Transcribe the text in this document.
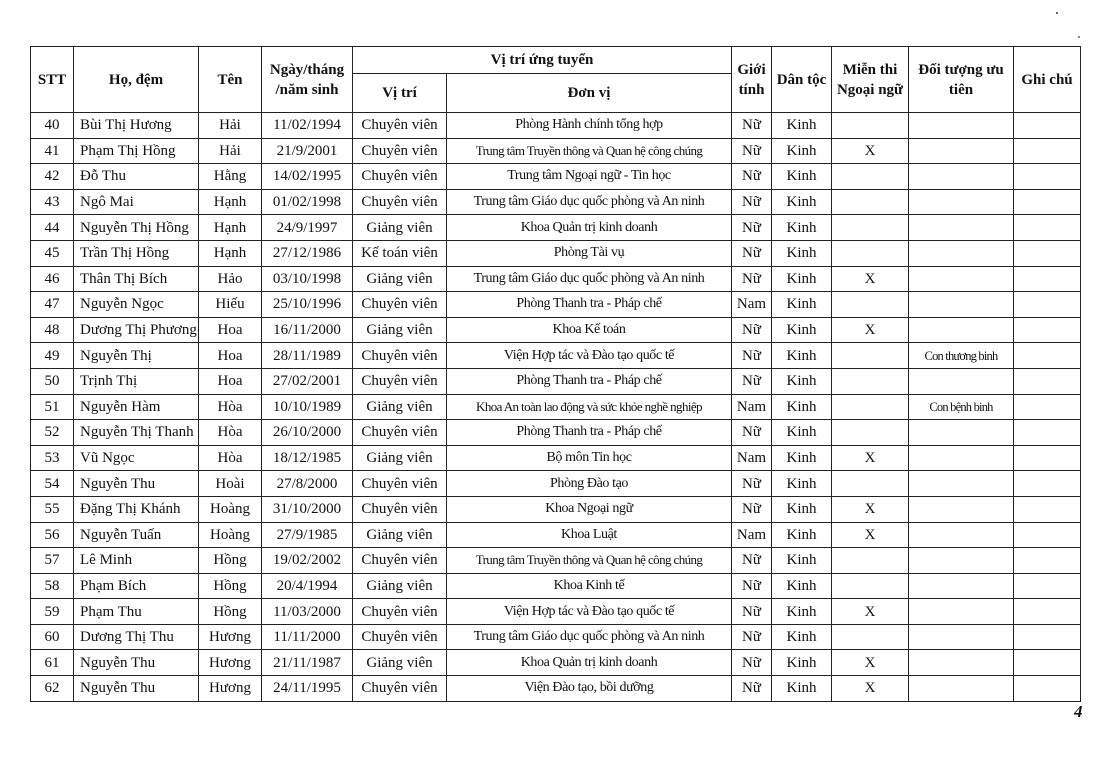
STT	Họ, đệm	Tên	Ngày/tháng /năm sinh	Vị trí ứng tuyển		Giới tính	Dân tộc	Miễn thi Ngoại ngữ	Đối tượng ưu tiên	Ghi chú
				Vị trí	Đơn vị					
40	Bùi Thị Hương	Hải	11/02/1994	Chuyên viên	Phòng Hành chính tổng hợp	Nữ	Kinh			
41	Phạm Thị Hồng	Hải	21/9/2001	Chuyên viên	Trung tâm Truyền thông và Quan hệ công chúng	Nữ	Kinh	X		
42	Đỗ Thu	Hằng	14/02/1995	Chuyên viên	Trung tâm Ngoại ngữ - Tin học	Nữ	Kinh			
43	Ngô Mai	Hạnh	01/02/1998	Chuyên viên	Trung tâm Giáo dục quốc phòng và An ninh	Nữ	Kinh			
44	Nguyễn Thị Hồng	Hạnh	24/9/1997	Giảng viên	Khoa Quản trị kinh doanh	Nữ	Kinh			
45	Trần Thị Hồng	Hạnh	27/12/1986	Kế toán viên	Phòng Tài vụ	Nữ	Kinh			
46	Thân Thị Bích	Hảo	03/10/1998	Giảng viên	Trung tâm Giáo dục quốc phòng và An ninh	Nữ	Kinh	X		
47	Nguyễn Ngọc	Hiếu	25/10/1996	Chuyên viên	Phòng Thanh tra - Pháp chế	Nam	Kinh			
48	Dương Thị Phương	Hoa	16/11/2000	Giảng viên	Khoa Kế toán	Nữ	Kinh	X		
49	Nguyễn Thị	Hoa	28/11/1989	Chuyên viên	Viện Hợp tác và Đào tạo quốc tế	Nữ	Kinh		Con thương binh	
50	Trịnh Thị	Hoa	27/02/2001	Chuyên viên	Phòng Thanh tra - Pháp chế	Nữ	Kinh			
51	Nguyễn Hàm	Hòa	10/10/1989	Giảng viên	Khoa An toàn lao động và sức khỏe nghề nghiệp	Nam	Kinh		Con bệnh binh	
52	Nguyễn Thị Thanh	Hòa	26/10/2000	Chuyên viên	Phòng Thanh tra - Pháp chế	Nữ	Kinh			
53	Vũ Ngọc	Hòa	18/12/1985	Giảng viên	Bộ môn Tin học	Nam	Kinh	X		
54	Nguyễn Thu	Hoài	27/8/2000	Chuyên viên	Phòng Đào tạo	Nữ	Kinh			
55	Đặng Thị Khánh	Hoàng	31/10/2000	Chuyên viên	Khoa Ngoại ngữ	Nữ	Kinh	X		
56	Nguyễn Tuấn	Hoàng	27/9/1985	Giảng viên	Khoa Luật	Nam	Kinh	X		
57	Lê Minh	Hồng	19/02/2002	Chuyên viên	Trung tâm Truyền thông và Quan hệ công chúng	Nữ	Kinh			
58	Phạm Bích	Hồng	20/4/1994	Giảng viên	Khoa Kinh tế	Nữ	Kinh			
59	Phạm Thu	Hồng	11/03/2000	Chuyên viên	Viện Hợp tác và Đào tạo quốc tế	Nữ	Kinh	X		
60	Dương Thị Thu	Hương	11/11/2000	Chuyên viên	Trung tâm Giáo dục quốc phòng và An ninh	Nữ	Kinh			
61	Nguyễn Thu	Hương	21/11/1987	Giảng viên	Khoa Quản trị kinh doanh	Nữ	Kinh	X		
62	Nguyễn Thu	Hương	24/11/1995	Chuyên viên	Viện Đào tạo, bồi dưỡng	Nữ	Kinh	X		
4
